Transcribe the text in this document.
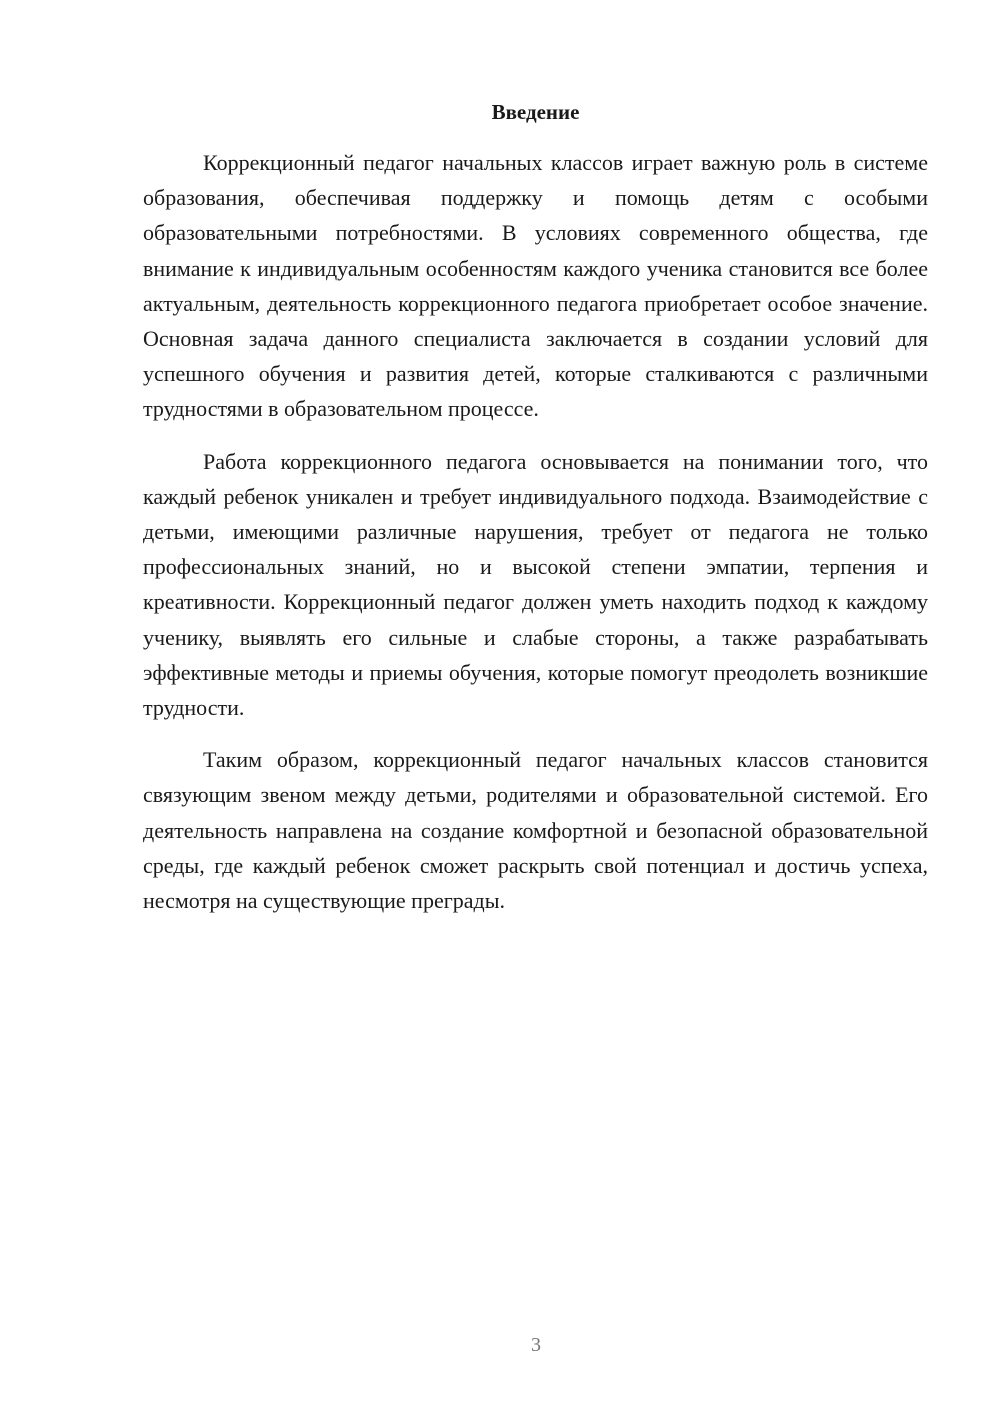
Введение

Коррекционный педагог начальных классов играет важную роль в системе образования, обеспечивая поддержку и помощь детям с особыми образовательными потребностями. В условиях современного общества, где внимание к индивидуальным особенностям каждого ученика становится все более актуальным, деятельность коррекционного педагога приобретает особое значение. Основная задача данного специалиста заключается в создании условий для успешного обучения и развития детей, которые сталкиваются с различными трудностями в образовательном процессе.

Работа коррекционного педагога основывается на понимании того, что каждый ребенок уникален и требует индивидуального подхода. Взаимодействие с детьми, имеющими различные нарушения, требует от педагога не только профессиональных знаний, но и высокой степени эмпатии, терпения и креативности. Коррекционный педагог должен уметь находить подход к каждому ученику, выявлять его сильные и слабые стороны, а также разрабатывать эффективные методы и приемы обучения, которые помогут преодолеть возникшие трудности.

Таким образом, коррекционный педагог начальных классов становится связующим звеном между детьми, родителями и образовательной системой. Его деятельность направлена на создание комфортной и безопасной образовательной среды, где каждый ребенок сможет раскрыть свой потенциал и достичь успеха, несмотря на существующие преграды.

3
